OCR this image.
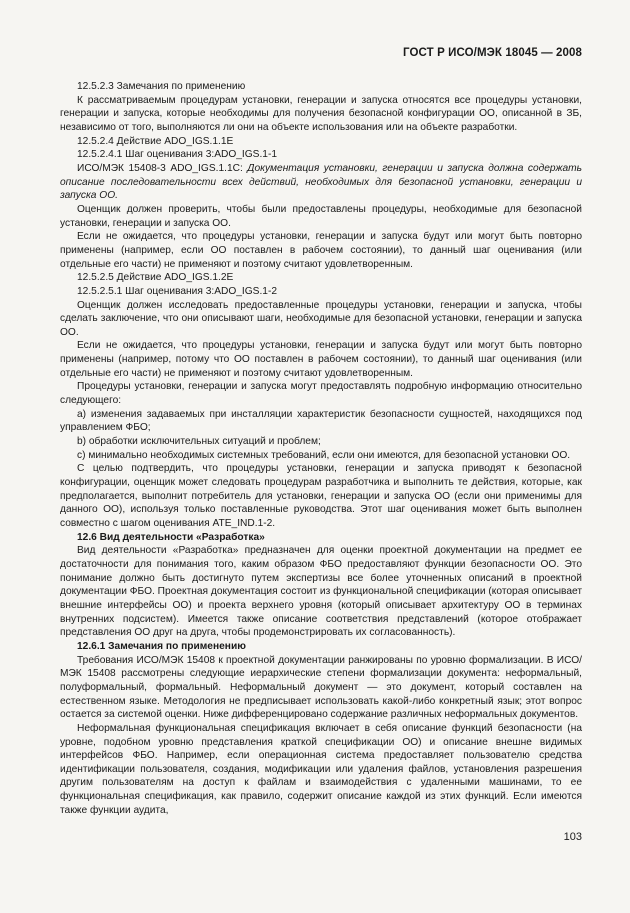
ГОСТ Р ИСО/МЭК 18045 — 2008

12.5.2.3 Замечания по применению

К рассматриваемым процедурам установки, генерации и запуска относятся все процедуры установки, генерации и запуска, которые необходимы для получения безопасной конфигурации ОО, описанной в ЗБ, независимо от того, выполняются ли они на объекте использования или на объекте разработки.

12.5.2.4 Действие ADO_IGS.1.1E

12.5.2.4.1 Шаг оценивания 3:ADO_IGS.1-1

ИСО/МЭК 15408-3 ADO_IGS.1.1C: Документация установки, генерации и запуска должна содержать описание последовательности всех действий, необходимых для безопасной установки, генерации и запуска ОО.

Оценщик должен проверить, чтобы были предоставлены процедуры, необходимые для безопасной установки, генерации и запуска ОО.

Если не ожидается, что процедуры установки, генерации и запуска будут или могут быть повторно применены (например, если ОО поставлен в рабочем состоянии), то данный шаг оценивания (или отдельные его части) не применяют и поэтому считают удовлетворенным.

12.5.2.5 Действие ADO_IGS.1.2E

12.5.2.5.1 Шаг оценивания 3:ADO_IGS.1-2

Оценщик должен исследовать предоставленные процедуры установки, генерации и запуска, чтобы сделать заключение, что они описывают шаги, необходимые для безопасной установки, генерации и запуска ОО.

Если не ожидается, что процедуры установки, генерации и запуска будут или могут быть повторно применены (например, потому что ОО поставлен в рабочем состоянии), то данный шаг оценивания (или отдельные его части) не применяют и поэтому считают удовлетворенным.

Процедуры установки, генерации и запуска могут предоставлять подробную информацию относительно следующего:

а) изменения задаваемых при инсталляции характеристик безопасности сущностей, находящихся под управлением ФБО;

b) обработки исключительных ситуаций и проблем;

с) минимально необходимых системных требований, если они имеются, для безопасной установки ОО.

С целью подтвердить, что процедуры установки, генерации и запуска приводят к безопасной конфигурации, оценщик может следовать процедурам разработчика и выполнить те действия, которые, как предполагается, выполнит потребитель для установки, генерации и запуска ОО (если они применимы для данного ОО), используя только поставленные руководства. Этот шаг оценивания может быть выполнен совместно с шагом оценивания ATE_IND.1-2.

12.6 Вид деятельности «Разработка»

Вид деятельности «Разработка» предназначен для оценки проектной документации на предмет ее достаточности для понимания того, каким образом ФБО предоставляют функции безопасности ОО. Это понимание должно быть достигнуто путем экспертизы все более уточненных описаний в проектной документации ФБО. Проектная документация состоит из функциональной спецификации (которая описывает внешние интерфейсы ОО) и проекта верхнего уровня (который описывает архитектуру ОО в терминах внутренних подсистем). Имеется также описание соответствия представлений (которое отображает представления ОО друг на друга, чтобы продемонстрировать их согласованность).

12.6.1 Замечания по применению

Требования ИСО/МЭК 15408 к проектной документации ранжированы по уровню формализации. В ИСО/МЭК 15408 рассмотрены следующие иерархические степени формализации документа: неформальный, полуформальный, формальный. Неформальный документ — это документ, который составлен на естественном языке. Методология не предписывает использовать какой-либо конкретный язык; этот вопрос остается за системой оценки. Ниже дифференцировано содержание различных неформальных документов.

Неформальная функциональная спецификация включает в себя описание функций безопасности (на уровне, подобном уровню представления краткой спецификации ОО) и описание внешне видимых интерфейсов ФБО. Например, если операционная система предоставляет пользователю средства идентификации пользователя, создания, модификации или удаления файлов, установления разрешения другим пользователям на доступ к файлам и взаимодействия с удаленными машинами, то ее функциональная спецификация, как правило, содержит описание каждой из этих функций. Если имеются также функции аудита,

103
